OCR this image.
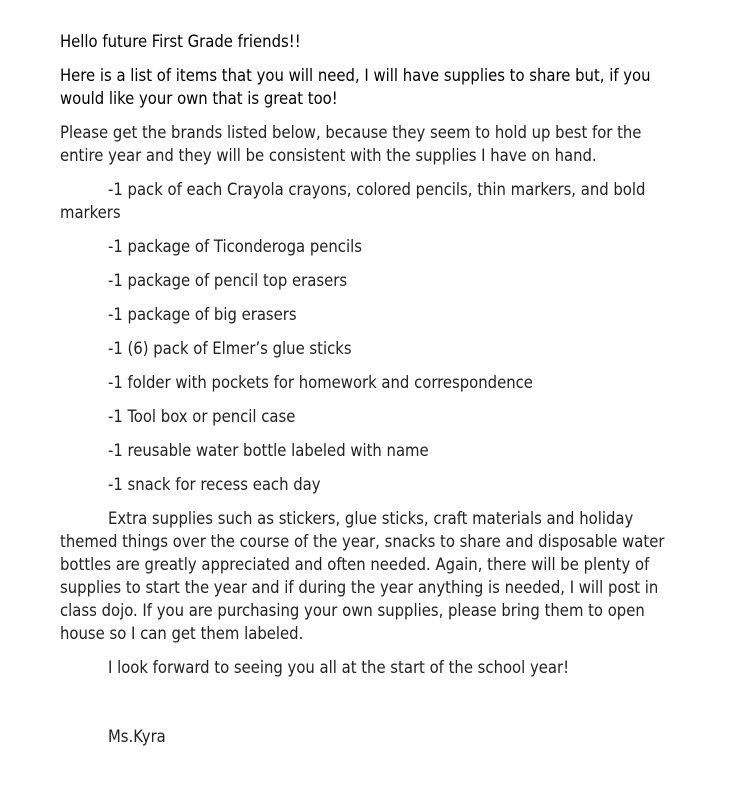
Hello future First Grade friends!!

Here is a list of items that you will need, I will have supplies to share but, if you would like your own that is great too!

Please get the brands listed below, because they seem to hold up best for the entire year and they will be consistent with the supplies I have on hand.

-1 pack of each Crayola crayons, colored pencils, thin markers, and bold markers

-1 package of Ticonderoga pencils

-1 package of pencil top erasers

-1 package of big erasers

-1 (6) pack of Elmer’s glue sticks

-1 folder with pockets for homework and correspondence

-1 Tool box or pencil case

-1 reusable water bottle labeled with name

-1 snack for recess each day

Extra supplies such as stickers, glue sticks, craft materials and holiday themed things over the course of the year, snacks to share and disposable water bottles are greatly appreciated and often needed. Again, there will be plenty of supplies to start the year and if during the year anything is needed, I will post in class dojo. If you are purchasing your own supplies, please bring them to open house so I can get them labeled.

I look forward to seeing you all at the start of the school year!

Ms.Kyra
